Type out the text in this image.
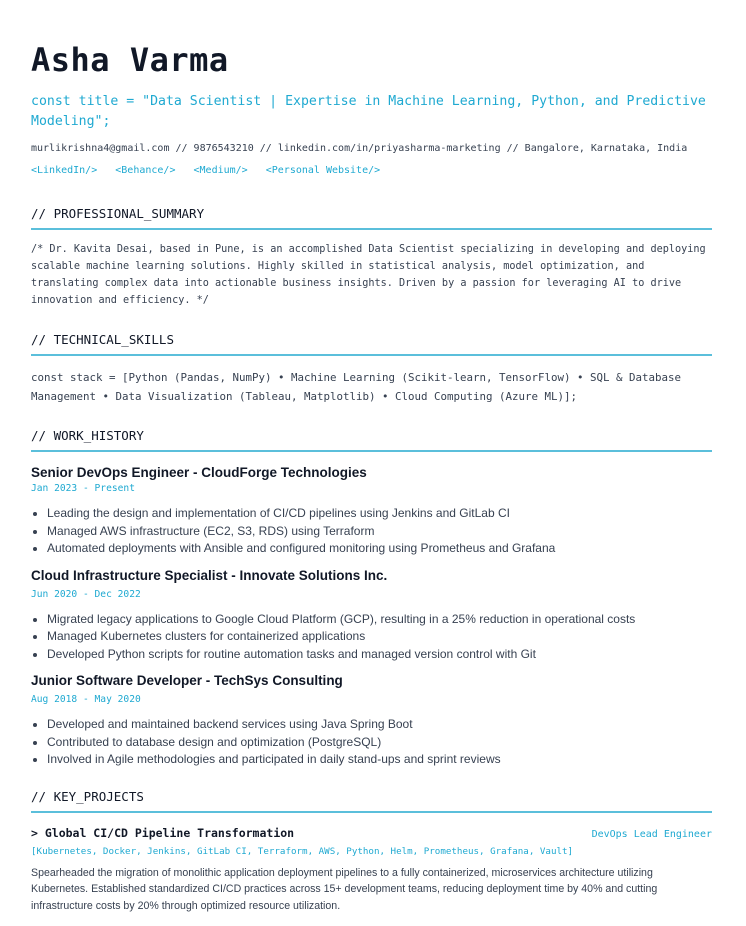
Asha Varma
const title = "Data Scientist | Expertise in Machine Learning, Python, and Predictive Modeling";
murlikrishna4@gmail.com // 9876543210 // linkedin.com/in/priyasharma-marketing // Bangalore, Karnataka, India
<LinkedIn/> <Behance/> <Medium/> <Personal Website/>
// PROFESSIONAL_SUMMARY
/* Dr. Kavita Desai, based in Pune, is an accomplished Data Scientist specializing in developing and deploying scalable machine learning solutions. Highly skilled in statistical analysis, model optimization, and translating complex data into actionable business insights. Driven by a passion for leveraging AI to drive innovation and efficiency. */
// TECHNICAL_SKILLS
const stack = [Python (Pandas, NumPy) • Machine Learning (Scikit-learn, TensorFlow) • SQL & Database Management • Data Visualization (Tableau, Matplotlib) • Cloud Computing (Azure ML)];
// WORK_HISTORY
Senior DevOps Engineer - CloudForge Technologies
Jan 2023 - Present
• Leading the design and implementation of CI/CD pipelines using Jenkins and GitLab CI
• Managed AWS infrastructure (EC2, S3, RDS) using Terraform
• Automated deployments with Ansible and configured monitoring using Prometheus and Grafana
Cloud Infrastructure Specialist - Innovate Solutions Inc.
Jun 2020 - Dec 2022
• Migrated legacy applications to Google Cloud Platform (GCP), resulting in a 25% reduction in operational costs
• Managed Kubernetes clusters for containerized applications
• Developed Python scripts for routine automation tasks and managed version control with Git
Junior Software Developer - TechSys Consulting
Aug 2018 - May 2020
• Developed and maintained backend services using Java Spring Boot
• Contributed to database design and optimization (PostgreSQL)
• Involved in Agile methodologies and participated in daily stand-ups and sprint reviews
// KEY_PROJECTS
> Global CI/CD Pipeline Transformation	DevOps Lead Engineer
[Kubernetes, Docker, Jenkins, GitLab CI, Terraform, AWS, Python, Helm, Prometheus, Grafana, Vault]
Spearheaded the migration of monolithic application deployment pipelines to a fully containerized, microservices architecture utilizing Kubernetes. Established standardized CI/CD practices across 15+ development teams, reducing deployment time by 40% and cutting infrastructure costs by 20% through optimized resource utilization.
